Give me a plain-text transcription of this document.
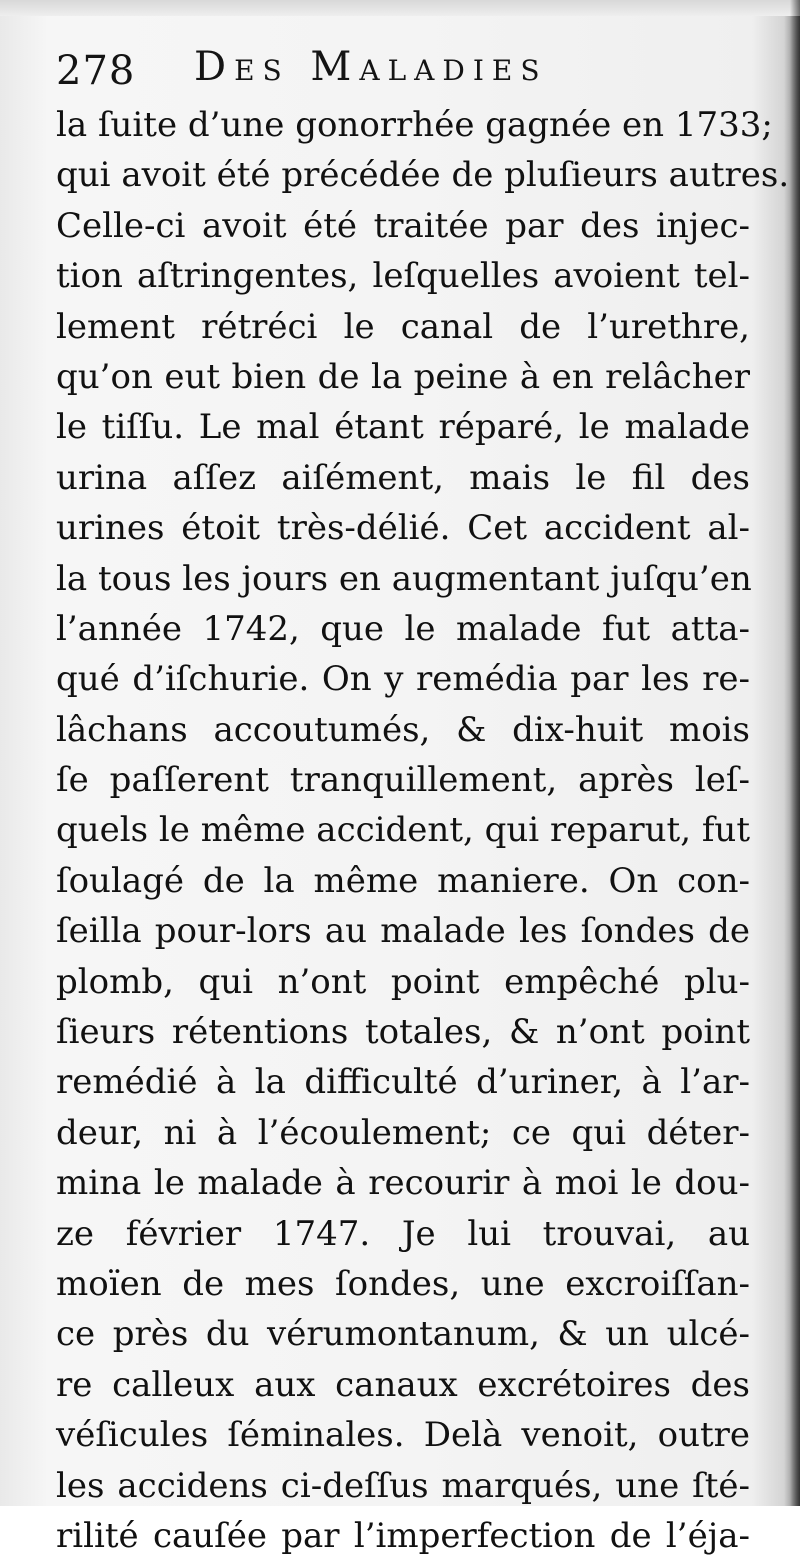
278 Des Maladies
la ſuite d’une gonorrhée gagnée en 1733;
qui avoit été précédée de pluſieurs autres.
Celle-ci avoit été traitée par des injec-
tion aſtringentes, leſquelles avoient tel-
lement rétréci le canal de l’urethre,
qu’on eut bien de la peine à en relâcher
le tiſſu. Le mal étant réparé, le malade
urina aſſez aiſément, mais le fil des
urines étoit très-délié. Cet accident al-
la tous les jours en augmentant juſqu’en
l’année 1742, que le malade fut atta-
qué d’iſchurie. On y remédia par les re-
lâchans accoutumés, & dix-huit mois
ſe paſſerent tranquillement, après leſ-
quels le même accident, qui reparut, fut
ſoulagé de la même maniere. On con-
ſeilla pour-lors au malade les ſondes de
plomb, qui n’ont point empêché plu-
ſieurs rétentions totales, & n’ont point
remédié à la difficulté d’uriner, à l’ar-
deur, ni à l’écoulement; ce qui déter-
mina le malade à recourir à moi le dou-
ze février 1747. Je lui trouvai, au
moïen de mes ſondes, une excroiſſan-
ce près du vérumontanum, & un ulcé-
re calleux aux canaux excrétoires des
véſicules ſéminales. Delà venoit, outre
les accidens ci-deſſus marqués, une ſté-
rilité cauſée par l’imperfection de l’éja-
